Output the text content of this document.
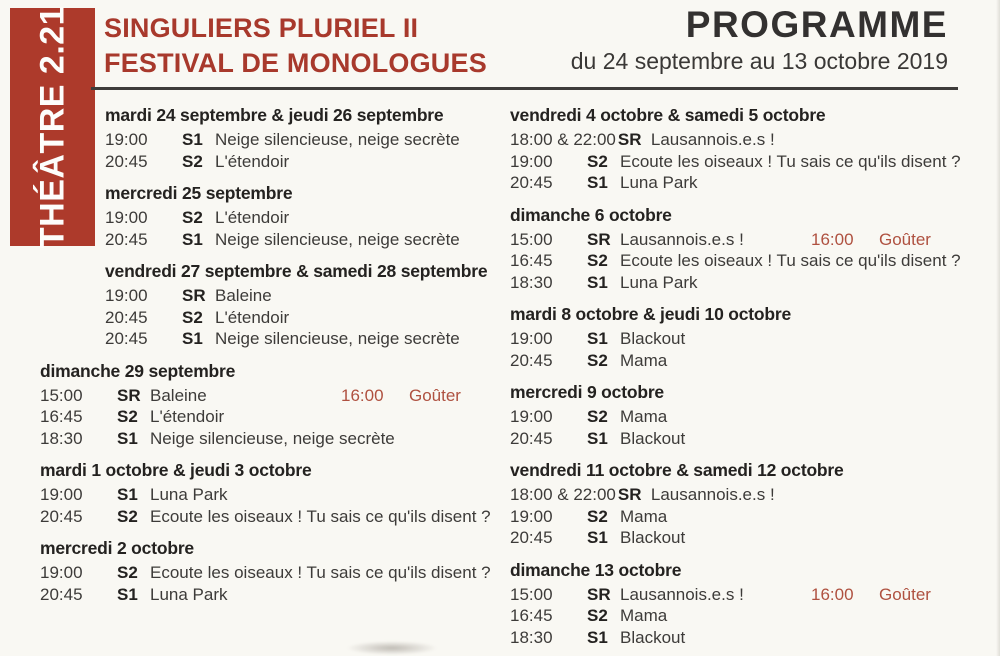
THÉÂTRE 2.21 SINGULIERS PLURIEL II
FESTIVAL DE MONOLOGUES
PROGRAMME
du 24 septembre au 13 octobre 2019
mardi 24 septembre & jeudi 26 septembre
19:00	S1 Neige silencieuse, neige secrète
20:45	S2 L'étendoir
mercredi 25 septembre
19:00	S2 L'étendoir
20:45	S1 Neige silencieuse, neige secrète
vendredi 27 septembre & samedi 28 septembre
19:00	SR Baleine
20:45	S2 L'étendoir
20:45	S1 Neige silencieuse, neige secrète
dimanche 29 septembre
15:00	SR Baleine	16:00 Goûter
16:45	S2 L'étendoir
18:30	S1 Neige silencieuse, neige secrète
mardi 1 octobre & jeudi 3 octobre
19:00	S1 Luna Park
20:45	S2 Ecoute les oiseaux ! Tu sais ce qu'ils disent ?
mercredi 2 octobre
19:00	S2 Ecoute les oiseaux ! Tu sais ce qu'ils disent ?
20:45	S1 Luna Park
vendredi 4 octobre & samedi 5 octobre
18:00 & 22:00 SR Lausannois.e.s !
19:00	S2 Ecoute les oiseaux ! Tu sais ce qu'ils disent ?
20:45	S1 Luna Park
dimanche 6 octobre
15:00	SR Lausannois.e.s !	16:00 Goûter
16:45	S2 Ecoute les oiseaux ! Tu sais ce qu'ils disent ?
18:30	S1 Luna Park
mardi 8 octobre & jeudi 10 octobre
19:00	S1 Blackout
20:45	S2 Mama
mercredi 9 octobre
19:00	S2 Mama
20:45	S1 Blackout
vendredi 11 octobre & samedi 12 octobre
18:00 & 22:00 SR Lausannois.e.s !
19:00	S2 Mama
20:45	S1 Blackout
dimanche 13 octobre
15:00	SR Lausannois.e.s !	16:00 Goûter
16:45	S2 Mama
18:30	S1 Blackout
